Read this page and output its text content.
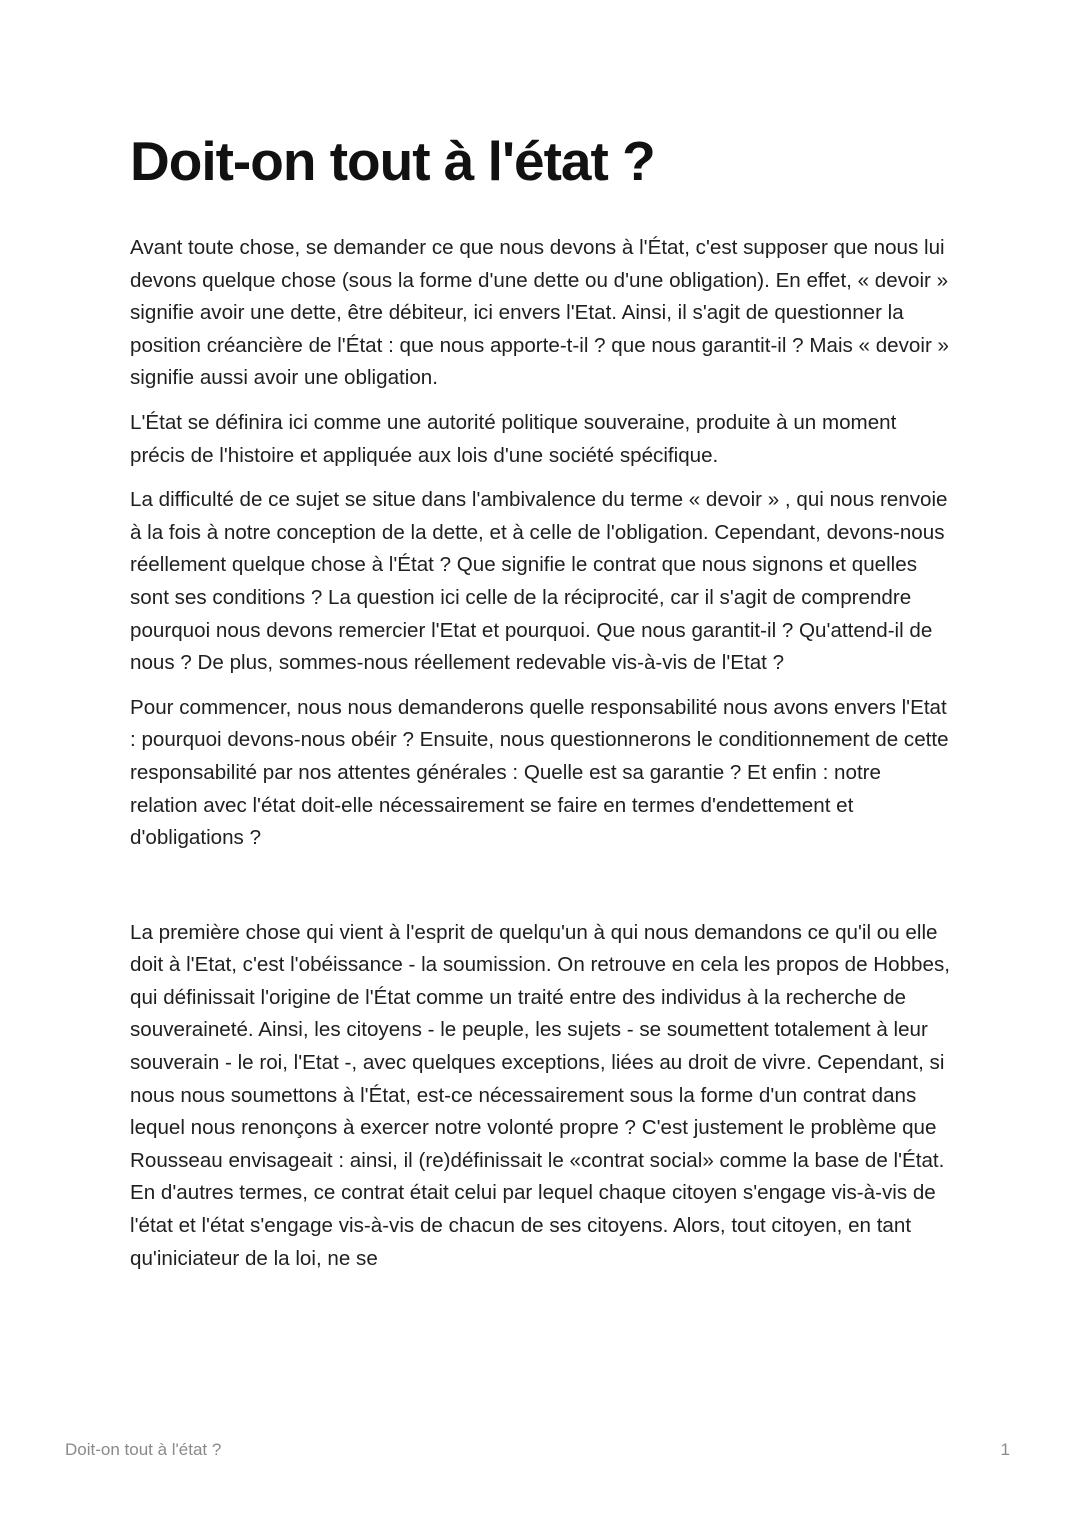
Doit-on tout à l'état ?

Avant toute chose, se demander ce que nous devons à l'État, c'est supposer que nous lui devons quelque chose (sous la forme d'une dette ou d'une obligation). En effet, « devoir » signifie avoir une dette, être débiteur, ici envers l'Etat. Ainsi, il s'agit de questionner la position créancière de l'État : que nous apporte-t-il ? que nous garantit-il ? Mais « devoir » signifie aussi avoir une obligation.

L'État se définira ici comme une autorité politique souveraine, produite à un moment précis de l'histoire et appliquée aux lois d'une société spécifique.

La difficulté de ce sujet se situe dans l'ambivalence du terme « devoir » , qui nous renvoie à la fois à notre conception de la dette, et à celle de l'obligation. Cependant, devons-nous réellement quelque chose à l'État ? Que signifie le contrat que nous signons et quelles sont ses conditions ? La question ici celle de la réciprocité, car il s'agit de comprendre pourquoi nous devons remercier l'Etat et pourquoi. Que nous garantit-il ? Qu'attend-il de nous ? De plus, sommes-nous réellement redevable vis-à-vis de l'Etat ?

Pour commencer, nous nous demanderons quelle responsabilité nous avons envers l'Etat : pourquoi devons-nous obéir ? Ensuite, nous questionnerons le conditionnement de cette responsabilité par nos attentes générales : Quelle est sa garantie ? Et enfin : notre relation avec l'état doit-elle nécessairement se faire en termes d'endettement et d'obligations ?

La première chose qui vient à l'esprit de quelqu'un à qui nous demandons ce qu'il ou elle doit à l'Etat, c'est l'obéissance - la soumission. On retrouve en cela les propos de Hobbes, qui définissait l'origine de l'État comme un traité entre des individus à la recherche de souveraineté. Ainsi, les citoyens - le peuple, les sujets - se soumettent totalement à leur souverain - le roi, l'Etat -, avec quelques exceptions, liées au droit de vivre. Cependant, si nous nous soumettons à l'État, est-ce nécessairement sous la forme d'un contrat dans lequel nous renonçons à exercer notre volonté propre ? C'est justement le problème que Rousseau envisageait : ainsi, il (re)définissait le «contrat social» comme la base de l'État. En d'autres termes, ce contrat était celui par lequel chaque citoyen s'engage vis-à-vis de l'état et l'état s'engage vis-à-vis de chacun de ses citoyens. Alors, tout citoyen, en tant qu'iniciateur de la loi, ne se

Doit-on tout à l'état ?	1
